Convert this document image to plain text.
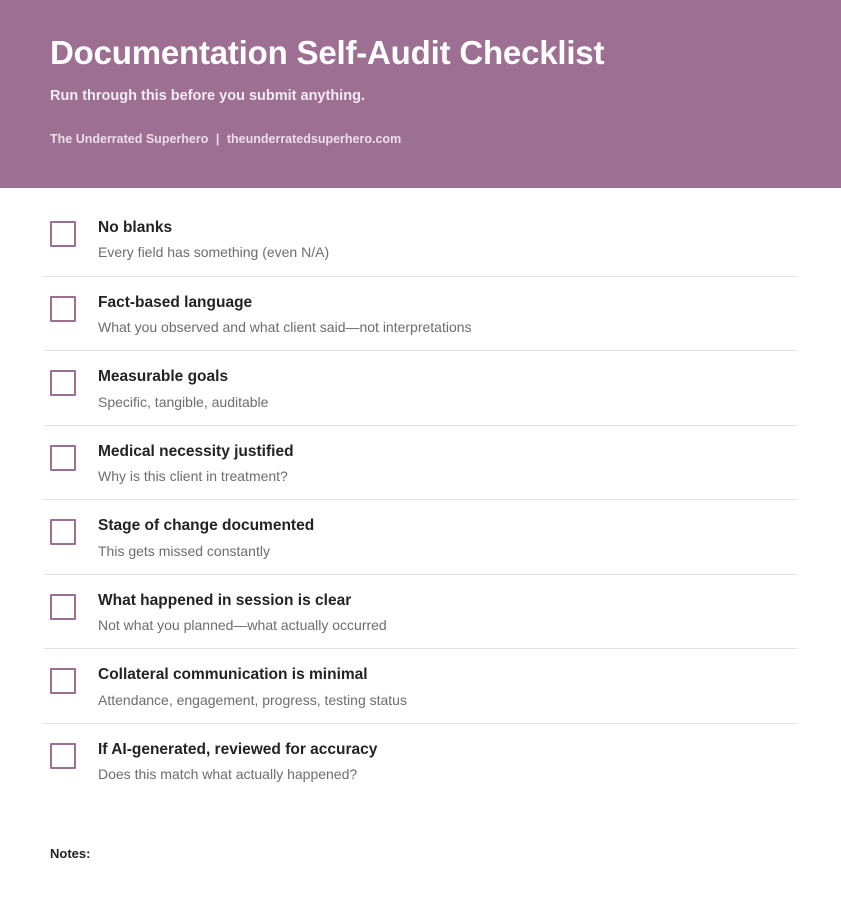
Documentation Self-Audit Checklist

Run through this before you submit anything.

The Underrated Superhero | theunderratedsuperhero.com

No blanks

Every field has something (even N/A)

Fact-based language

What you observed and what client said—not interpretations

Measurable goals

Specific, tangible, auditable

Medical necessity justified

Why is this client in treatment?

Stage of change documented

This gets missed constantly

What happened in session is clear

Not what you planned—what actually occurred

Collateral communication is minimal

Attendance, engagement, progress, testing status

If AI-generated, reviewed for accuracy

Does this match what actually happened?

Notes:
